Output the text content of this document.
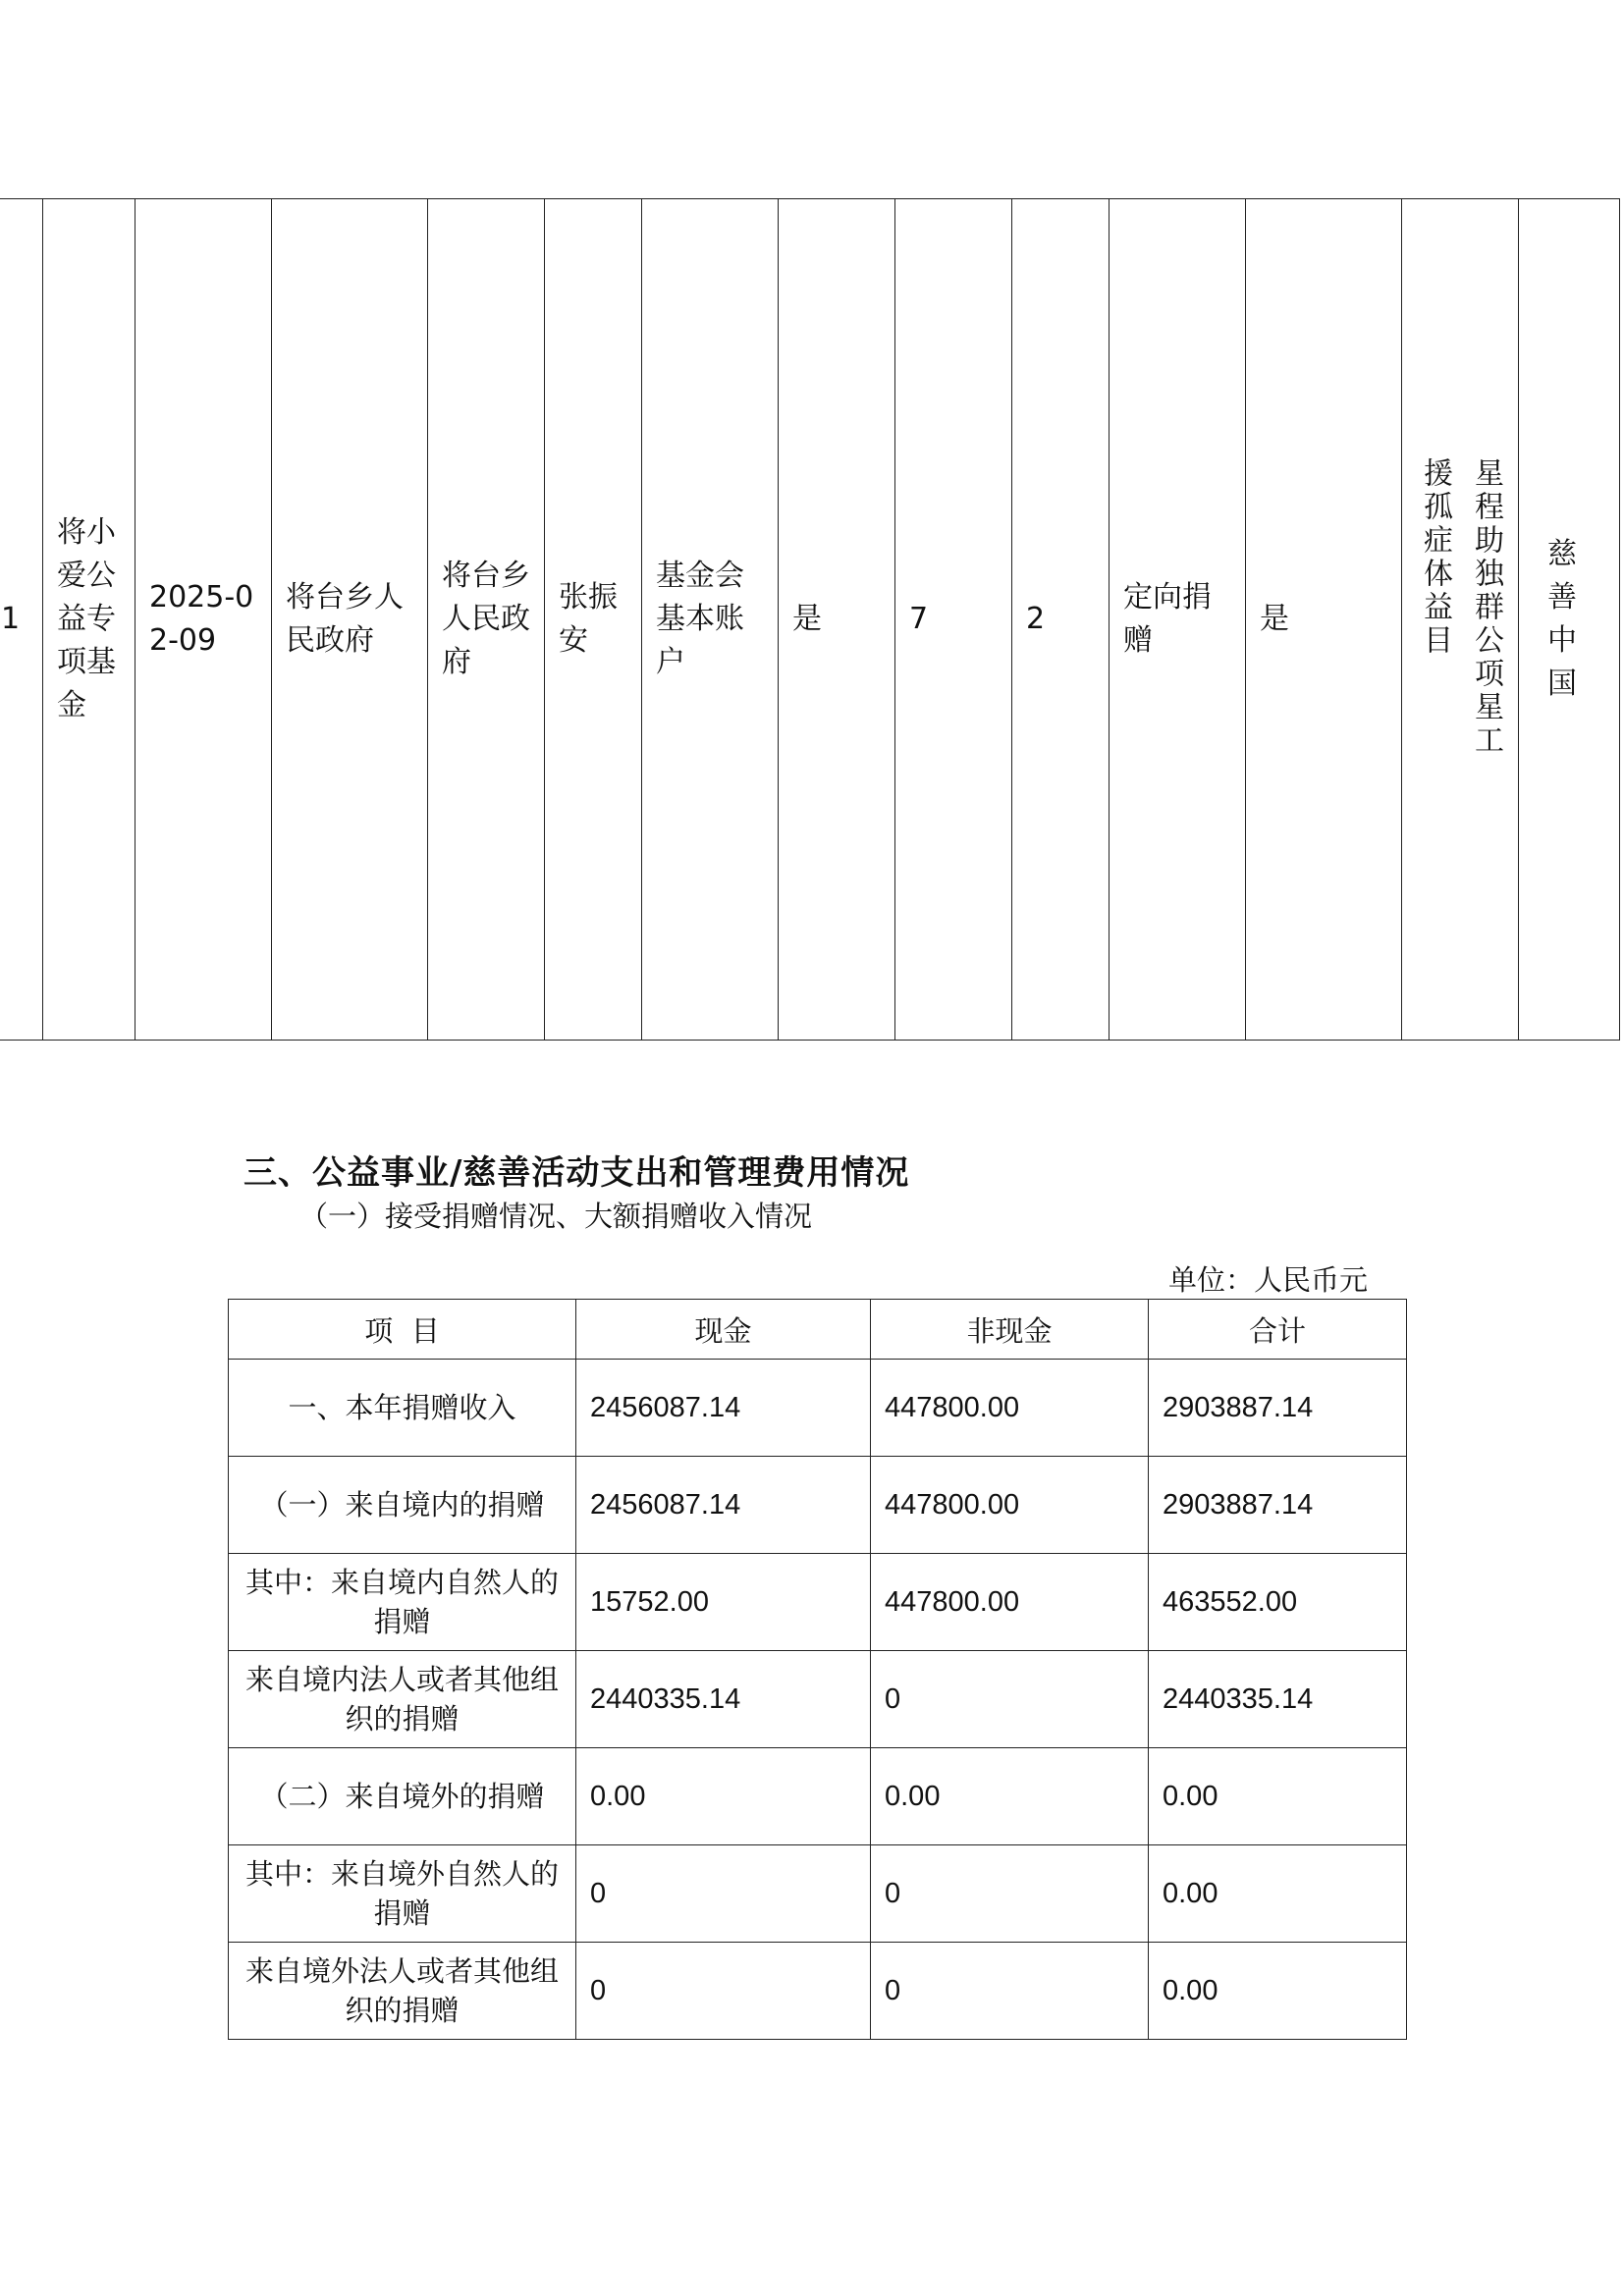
1	将小爱公益专项基金	2025-02-09	将台乡人民政府	将台乡人民政府	张振安	基金会基本账户	是	7	2	定向捐赠	是	星程助独群公项星工援孤症体益目	慈善中国
三、公益事业/慈善活动支出和管理费用情况
（一）接受捐赠情况、大额捐赠收入情况
单位：人民币元
项  目	现金	非现金	合计
一、本年捐赠收入	2456087.14	447800.00	2903887.14
（一）来自境内的捐赠	2456087.14	447800.00	2903887.14
其中：来自境内自然人的捐赠	15752.00	447800.00	463552.00
来自境内法人或者其他组织的捐赠	2440335.14	0	2440335.14
（二）来自境外的捐赠	0.00	0.00	0.00
其中：来自境外自然人的捐赠	0	0	0.00
来自境外法人或者其他组织的捐赠	0	0	0.00
